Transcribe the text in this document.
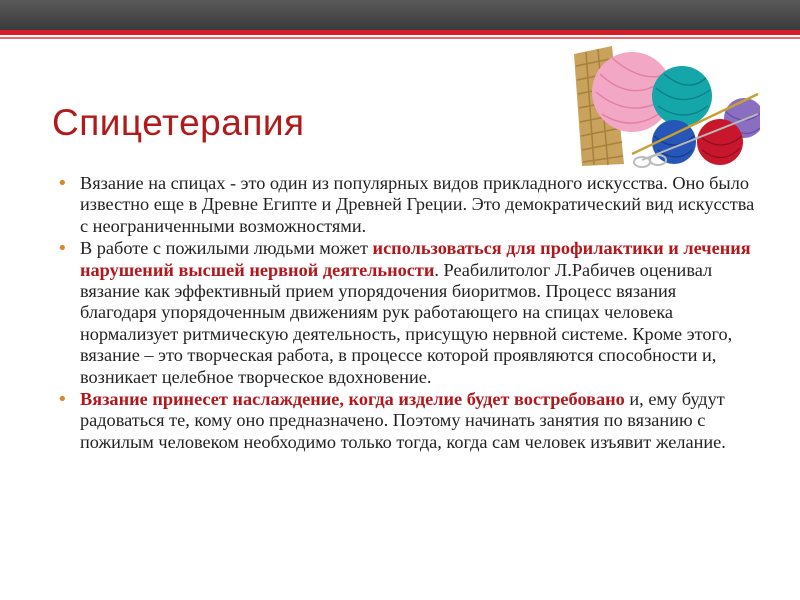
Спицетерапия
• Вязание на спицах - это один из популярных видов прикладного искусства. Оно было известно еще в Древне Египте и Древней Греции. Это демократический вид искусства с неограниченными возможностями.
• В работе с пожилыми людьми может использоваться для профилактики и лечения нарушений высшей нервной деятельности. Реабилитолог Л.Рабичев оценивал вязание как эффективный прием упорядочения биоритмов. Процесс вязания благодаря упорядоченным движениям рук работающего на спицах человека нормализует ритмическую деятельность, присущую нервной системе. Кроме этого, вязание – это творческая работа, в процессе которой проявляются способности и, возникает целебное творческое вдохновение.
• Вязание принесет наслаждение, когда изделие будет востребовано и, ему будут радоваться те, кому оно предназначено. Поэтому начинать занятия по вязанию с пожилым человеком необходимо только тогда, когда сам человек изъявит желание.
